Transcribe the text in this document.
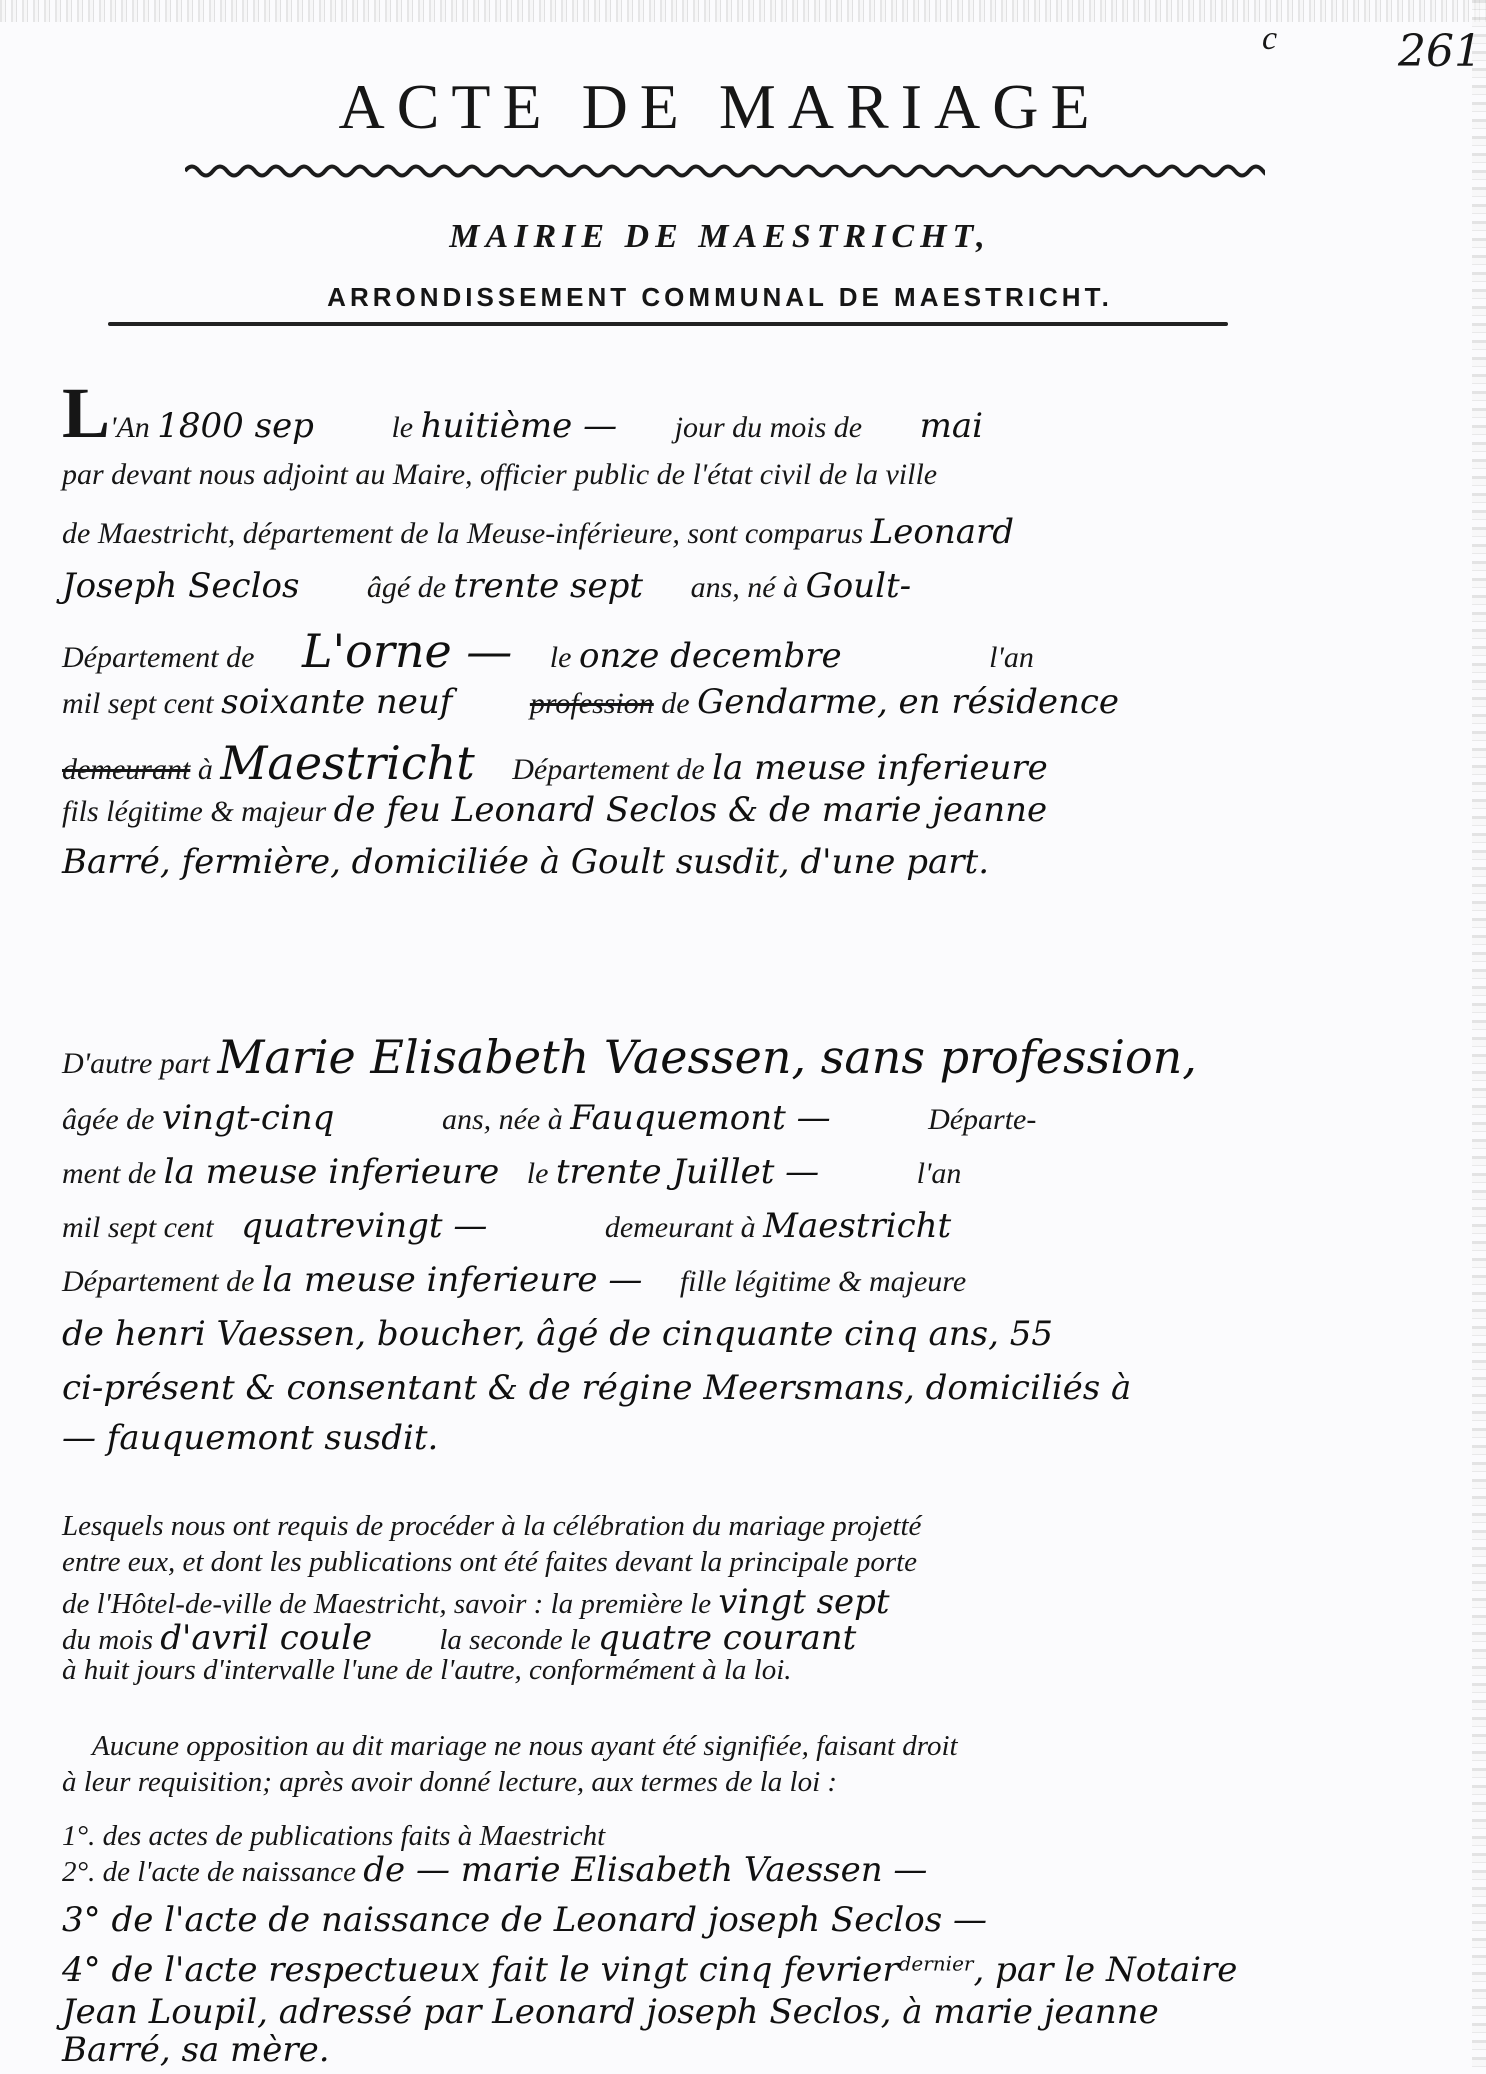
c	261
ACTE DE MARIAGE
MAIRIE DE MAESTRICHT,
ARRONDISSEMENT COMMUNAL DE MAESTRICHT.
L'An 1800 sep	le huitième — jour du mois de mai
par devant nous adjoint au Maire, officier public de l'état civil de la ville
de Maestricht, département de la Meuse-inférieure, sont comparus Leonard
Joseph Seclos âgé de trente sept ans, né à Goult-
Département de L'orne — le onze decembre	l'an
mil sept cent soixante neuf	profession de Gendarme, en résidence
demeurant à Maestricht Département de la meuse inferieure
fils légitime & majeur de feu Leonard Seclos & de marie jeanne
Barré, fermière, domiciliée à Goult susdit, d'une part.
D'autre part Marie Elisabeth Vaessen, sans profession,
âgée de vingt-cinq	ans, née à Fauquemont —	Départe-
ment de la meuse inferieure le trente Juillet —	l'an
mil sept cent quatrevingt —	demeurant à Maestricht
Département de la meuse inferieure — fille légitime & majeure
de henri Vaessen, boucher, âgé de cinquante cinq ans, 55
ci-présent & consentant & de régine Meersmans, domiciliés à
— fauquemont susdit.
Lesquels nous ont requis de procéder à la célébration du mariage projetté
entre eux, et dont les publications ont été faites devant la principale porte
de l'Hôtel-de-ville de Maestricht, savoir : la première le vingt sept
du mois d'avril coule la seconde le quatre courant
à huit jours d'intervalle l'une de l'autre, conformément à la loi.
Aucune opposition au dit mariage ne nous ayant été signifiée, faisant droit
à leur requisition; après avoir donné lecture, aux termes de la loi :
1°. des actes de publications faits à Maestricht
2°. de l'acte de naissance de — marie Elisabeth Vaessen —
3° de l'acte de naissance de Leonard joseph Seclos —
4° de l'acte respectueux fait le vingt cinq fevrier$^{dernier}$, par le Notaire
Jean Loupil, adressé par Leonard joseph Seclos, à marie jeanne
Barré, sa mère.
